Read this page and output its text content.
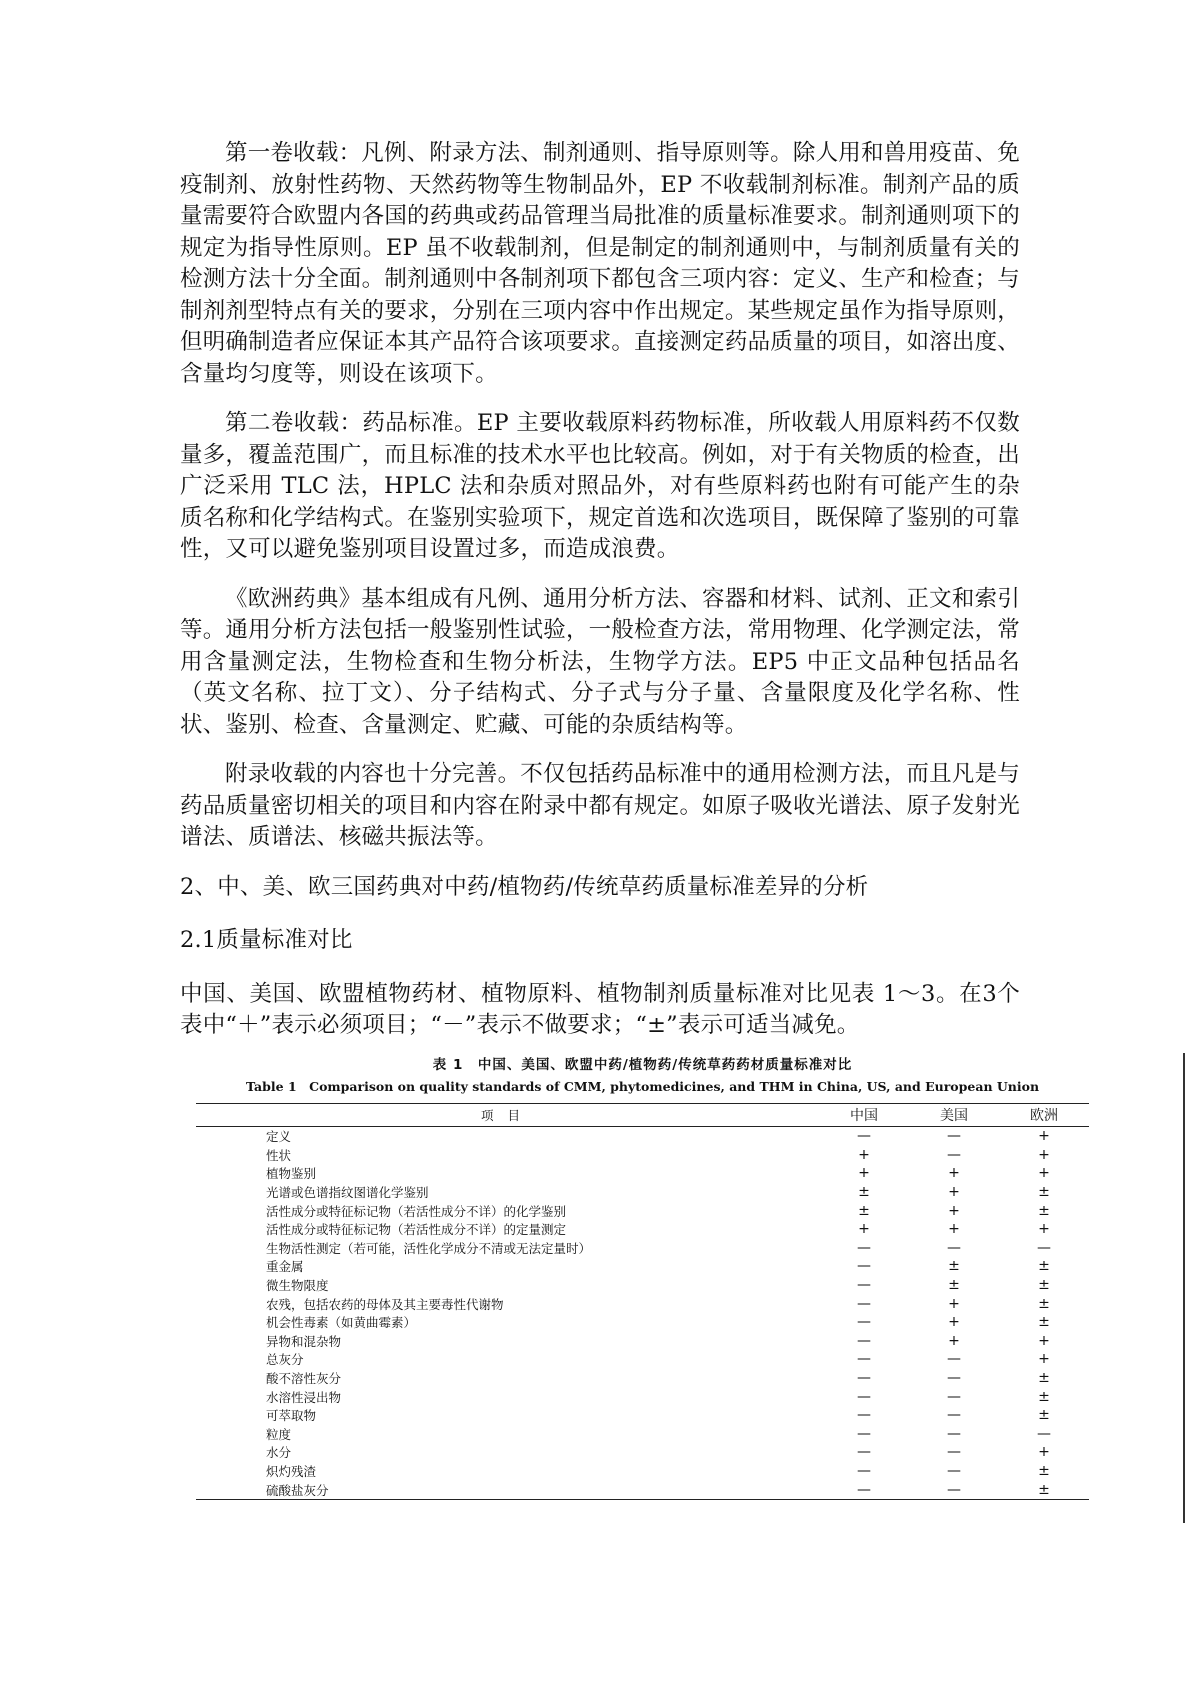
第一卷收载：凡例、附录方法、制剂通则、指导原则等。除人用和兽用疫苗、免疫制剂、放射性药物、天然药物等生物制品外，EP 不收载制剂标准。制剂产品的质量需要符合欧盟内各国的药典或药品管理当局批准的质量标准要求。制剂通则项下的规定为指导性原则。EP 虽不收载制剂，但是制定的制剂通则中，与制剂质量有关的检测方法十分全面。制剂通则中各制剂项下都包含三项内容：定义、生产和检查；与制剂剂型特点有关的要求，分别在三项内容中作出规定。某些规定虽作为指导原则，但明确制造者应保证本其产品符合该项要求。直接测定药品质量的项目，如溶出度、含量均匀度等，则设在该项下。

第二卷收载：药品标准。EP 主要收载原料药物标准，所收载人用原料药不仅数量多，覆盖范围广，而且标准的技术水平也比较高。例如，对于有关物质的检查，出广泛采用 TLC 法，HPLC 法和杂质对照品外，对有些原料药也附有可能产生的杂质名称和化学结构式。在鉴别实验项下，规定首选和次选项目，既保障了鉴别的可靠性，又可以避免鉴别项目设置过多，而造成浪费。

《欧洲药典》基本组成有凡例、通用分析方法、容器和材料、试剂、正文和索引等。通用分析方法包括一般鉴别性试验，一般检查方法，常用物理、化学测定法，常用含量测定法，生物检查和生物分析法，生物学方法。EP5 中正文品种包括品名（英文名称、拉丁文）、分子结构式、分子式与分子量、含量限度及化学名称、性状、鉴别、检查、含量测定、贮藏、可能的杂质结构等。

附录收载的内容也十分完善。不仅包括药品标准中的通用检测方法，而且凡是与药品质量密切相关的项目和内容在附录中都有规定。如原子吸收光谱法、原子发射光谱法、质谱法、核磁共振法等。

2、中、美、欧三国药典对中药/植物药/传统草药质量标准差异的分析

2.1质量标准对比

中国、美国、欧盟植物药材、植物原料、植物制剂质量标准对比见表 1～3。在3个表中“＋”表示必须项目；“－”表示不做要求；“±”表示可适当减免。

表 1　中国、美国、欧盟中药/植物药/传统草药药材质量标准对比
Table 1　Comparison on quality standards of CMM, phytomedicines, and THM in China, US, and European Union
项目	中国	美国	欧洲
定义	—	—	+
性状	+	—	+
植物鉴别	+	+	+
光谱或色谱指纹图谱化学鉴别	±	+	±
活性成分或特征标记物（若活性成分不详）的化学鉴别	±	+	±
活性成分或特征标记物（若活性成分不详）的定量测定	+	+	+
生物活性测定（若可能，活性化学成分不清或无法定量时）	—	—	—
重金属	—	±	±
微生物限度	—	±	±
农残，包括农药的母体及其主要毒性代谢物	—	+	±
机会性毒素（如黄曲霉素）	—	+	±
异物和混杂物	—	+	+
总灰分	—	—	+
酸不溶性灰分	—	—	±
水溶性浸出物	—	—	±
可萃取物	—	—	±
粒度	—	—	—
水分	—	—	+
炽灼残渣	—	—	±
硫酸盐灰分	—	—	±
